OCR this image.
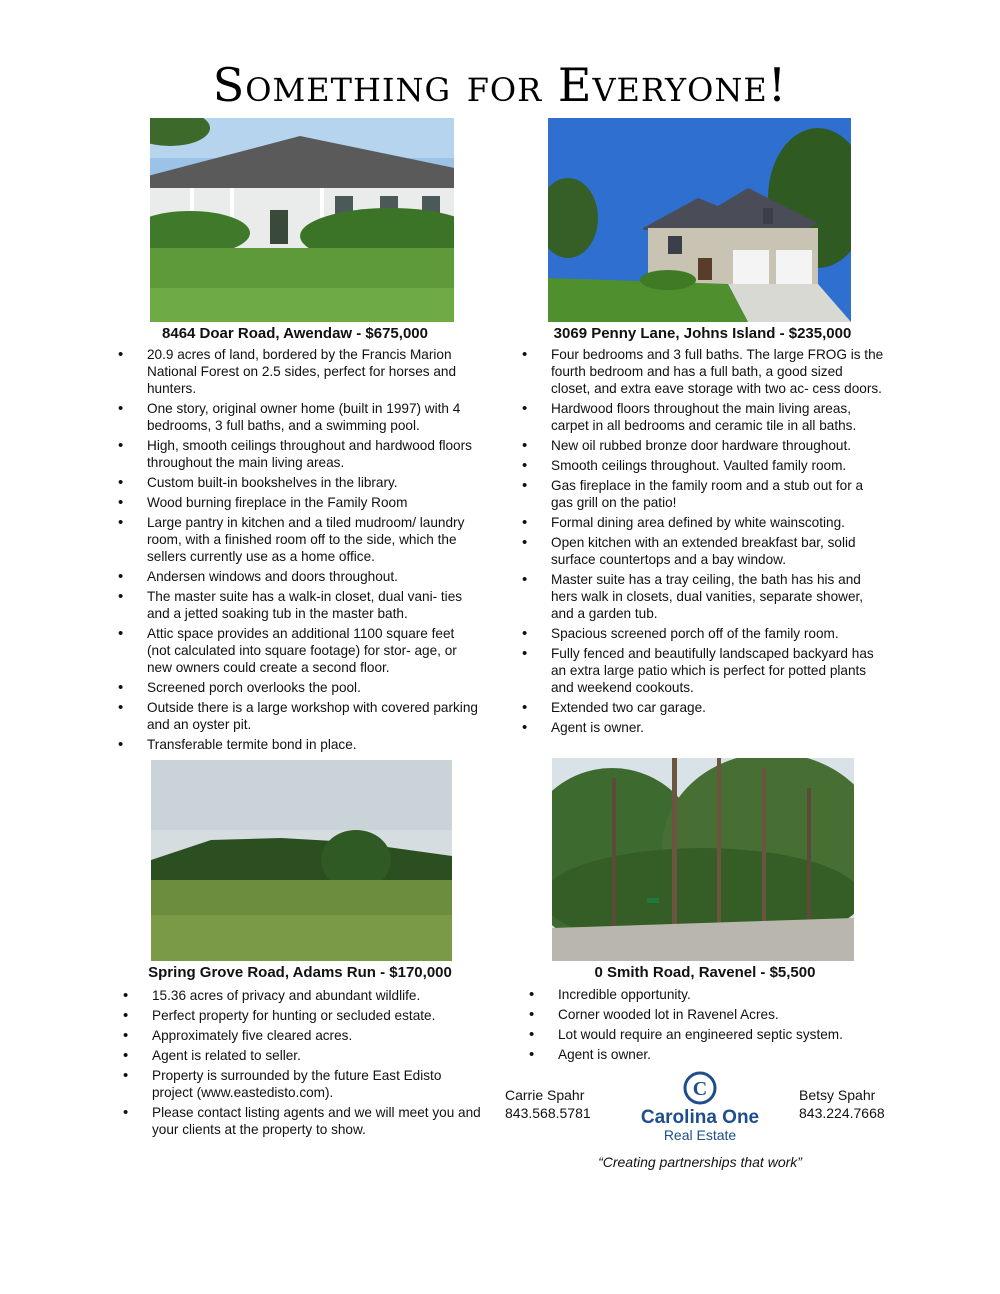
Something for Everyone!
8464 Doar Road, Awendaw - $675,000
• 20.9 acres of land, bordered by the Francis Marion National Forest on 2.5 sides, perfect for horses and hunters.
• One story, original owner home (built in 1997) with 4 bedrooms, 3 full baths, and a swimming pool.
• High, smooth ceilings throughout and hardwood floors throughout the main living areas.
• Custom built-in bookshelves in the library.
• Wood burning fireplace in the Family Room
• Large pantry in kitchen and a tiled mudroom/ laundry room, with a finished room off to the side, which the sellers currently use as a home office.
• Andersen windows and doors throughout.
• The master suite has a walk-in closet, dual vani- ties and a jetted soaking tub in the master bath.
• Attic space provides an additional 1100 square feet (not calculated into square footage) for stor- age, or new owners could create a second floor.
• Screened porch overlooks the pool.
• Outside there is a large workshop with covered parking and an oyster pit.
• Transferable termite bond in place.
3069 Penny Lane, Johns Island - $235,000
• Four bedrooms and 3 full baths. The large FROG is the fourth bedroom and has a full bath, a good sized closet, and extra eave storage with two ac- cess doors.
• Hardwood floors throughout the main living areas, carpet in all bedrooms and ceramic tile in all baths.
• New oil rubbed bronze door hardware throughout.
• Smooth ceilings throughout. Vaulted family room.
• Gas fireplace in the family room and a stub out for a gas grill on the patio!
• Formal dining area defined by white wainscoting.
• Open kitchen with an extended breakfast bar, solid surface countertops and a bay window.
• Master suite has a tray ceiling, the bath has his and hers walk in closets, dual vanities, separate shower, and a garden tub.
• Spacious screened porch off of the family room.
• Fully fenced and beautifully landscaped backyard has an extra large patio which is perfect for potted plants and weekend cookouts.
• Extended two car garage.
• Agent is owner.
Spring Grove Road, Adams Run - $170,000
• 15.36 acres of privacy and abundant wildlife.
• Perfect property for hunting or secluded estate.
• Approximately five cleared acres.
• Agent is related to seller.
• Property is surrounded by the future East Edisto project (www.eastedisto.com).
• Please contact listing agents and we will meet you and your clients at the property to show.
0 Smith Road, Ravenel - $5,500
• Incredible opportunity.
• Corner wooded lot in Ravenel Acres.
• Lot would require an engineered septic system.
• Agent is owner.
Carrie Spahr
843.568.5781
Betsy Spahr
843.224.7668
C
Carolina One
Real Estate
“Creating partnerships that work”
